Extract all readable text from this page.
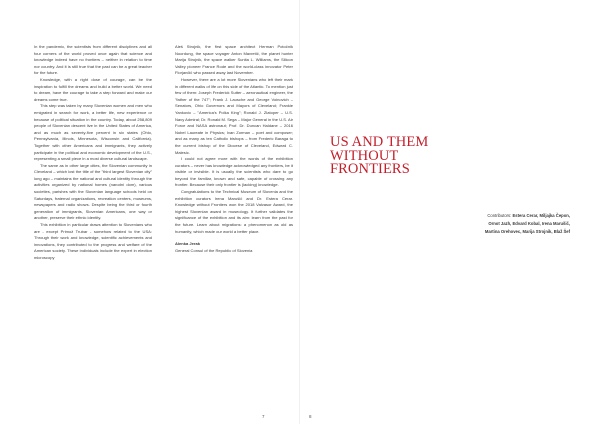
In the pandemic, the scientists from different disciplines and all four corners of the world proved once again that science and knowledge indeed have no frontiers – neither in relation to time nor country. And it is still true that the past can be a great teacher for the future.

Knowledge, with a right dose of courage, can be the inspiration to fulfill the dreams and build a better world. We need to dream, have the courage to take a step forward and make our dreams come true.

This step was taken by many Slovenian women and men who emigrated in search for work, a better life, new experience or because of political situation in the country. Today, about 258,809 people of Slovenian descent live in the United States of America, and as much as seventy-five percent in six states (Ohio, Pennsylvania, Illinois, Minnesota, Wisconsin and California). Together with other Americans and immigrants, they actively participate in the political and economic development of the U.S., representing a small piece in a most diverse cultural landscape.

The same as in other large cities, the Slovenian community in Cleveland – which lost the title of the "third largest Slovenian city" long ago – maintains the national and cultural identity through the activities organized by national homes (narodni dom), various societies, parishes with the Slovenian language schools held on Saturdays, fraternal organizations, recreation centers, museums, newspapers and radio shows. Despite being the third or fourth generation of immigrants, Slovenian Americans, one way or another, preserve their ethnic identity.

This exhibition in particular draws attention to Slovenians who are - except Primož Trubar - somehow related to the USA: Through their work and knowledge, scientific achievements and innovations, they contributed to the progress and welfare of the American society. These individuals include the expert in election microscopy

Aleš Strojnik, the first space architect Herman Potočnik Noordung, the space voyager Anton Mavretič, the planet hunter Marija Strojnik, the space walker Sunita L. Williams, the Silicon Valley pioneer France Rode and the world-class innovator Peter Florjančič who passed away last November.

However, there are a lot more Slovenians who left their mark in different walks of life on this side of the Atlantic. To mention just few of them: Joseph Frederick Sutter – aeronautical engineer, the "father of the 747"; Frank J. Lausche and George Voinovich – Senators, Ohio Governors and Mayors of Cleveland; Frankie Yankovic – "America's Polka King"; Ronald J. Zlatoper – U.S. Navy Admiral; Dr. Ronald M. Sega – Major General in the U.S. Air Force and NASA astronaut; Prof. Dr. Duncan Haldane – 2016 Nobel Laureate in Physics; Ivan Zorman – poet and composer; and as many as ten Catholic bishops – from Frederic Baraga to the current bishop of the Diocese of Cleveland, Edward C. Malesic.

I could not agree more with the words of the exhibition curators – never has knowledge acknowledged any frontiers, be it visible or invisible. It is usually the scientists who dare to go beyond the familiar, known and safe, capable of crossing any frontier. Because their only frontier is (lacking) knowledge.

Congratulations to the Technical Museum of Slovenia and the exhibition curators Irena Marušič and Dr. Estera Cerar. Knowledge without Frontiers won the 2018 Valvasor Award, the highest Slovenian award in museology. It further validates the significance of the exhibition and its aim: learn from the past for the future. Learn about migrations: a phenomenon as old as humanity, which made our world a better place.

Alenka Jerak
General Consul of the Republic of Slovenia

7
US AND THEM
WITHOUT
FRONTIERS
Contributors: Estera Cerar, Miljajka Čepon,
Ornot Jazh, Edvard Kobal, Irena Marušič,
Martina Orehovec, Marija Strojnik, Blaž Šef
8
